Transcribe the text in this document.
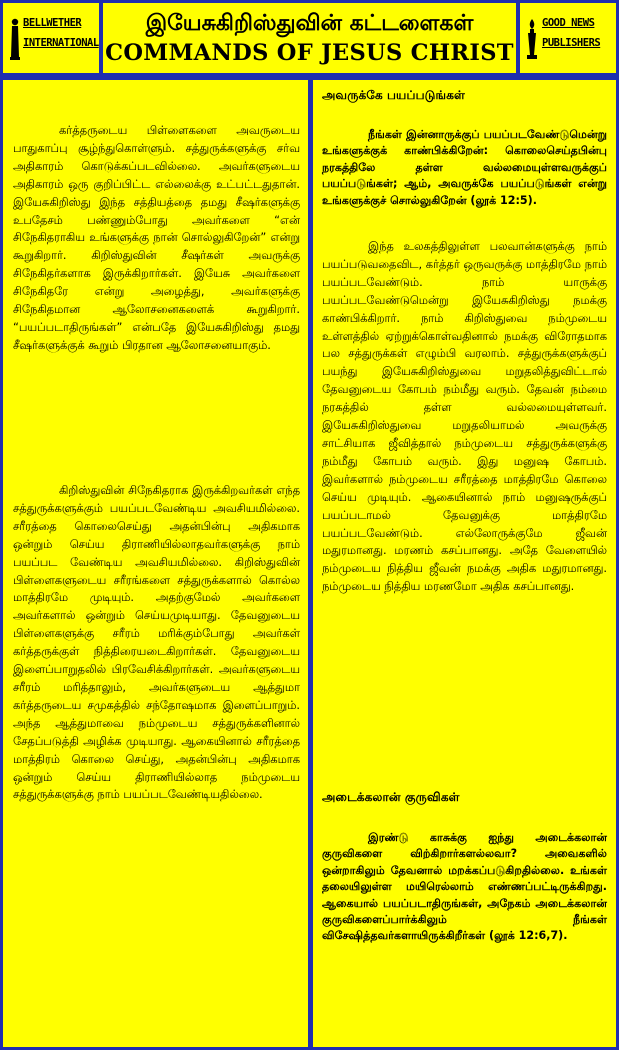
BELLWETHER
INTERNATIONAL
இயேசுகிறிஸ்துவின் கட்டளைகள்
COMMANDS OF JESUS CHRIST
GOOD NEWS
PUBLISHERS

கர்த்தருடைய பிள்ளைகளை அவருடைய பாதுகாப்பு சூழ்ந்துகொள்ளும். சத்துருக்களுக்கு சர்வ அதிகாரம் கொடுக்கப்படவில்லை. அவர்களுடைய அதிகாரம் ஒரு குறிப்பிட்ட எல்லைக்கு உட்பட்டதுதான். இயேசுகிறிஸ்து இந்த சத்தியத்தை தமது சீஷர்களுக்கு உபதேசம் பண்ணும்போது அவர்களை “என் சிநேகிதராகிய உங்களுக்கு நான் சொல்லுகிறேன்” என்று கூறுகிறார். கிறிஸ்துவின் சீஷர்கள் அவருக்கு சிநேகிதர்களாக இருக்கிறார்கள். இயேசு அவர்களை சிநேகிதரே என்று அழைத்து, அவர்களுக்கு சிநேகிதமான ஆலோசனைகளைக் கூறுகிறார். “பயப்படாதிருங்கள்” என்பதே இயேசுகிறிஸ்து தமது சீஷர்களுக்குக் கூறும் பிரதான ஆலோசனையாகும்.

கிறிஸ்துவின் சிநேகிதராக இருக்கிறவர்கள் எந்த சத்துருக்களுக்கும் பயப்படவேண்டிய அவசியமில்லை. சரீரத்தை கொலைசெய்து அதன்பின்பு அதிகமாக ஒன்றும் செய்ய திராணியில்லாதவர்களுக்கு நாம் பயப்பட வேண்டிய அவசியமில்லை. கிறிஸ்துவின் பிள்ளைகளுடைய சரீரங்களை சத்துருக்களால் கொல்ல மாத்திரமே முடியும். அதற்குமேல் அவர்களை அவர்களால் ஒன்றும் செய்யமுடியாது. தேவனுடைய பிள்ளைகளுக்கு சரீரம் மரிக்கும்போது அவர்கள் கர்த்தருக்குள் நித்திரையடைகிறார்கள். தேவனுடைய இளைப்பாறுதலில் பிரவேசிக்கிறார்கள். அவர்களுடைய சரீரம் மரித்தாலும், அவர்களுடைய ஆத்துமா கர்த்தருடைய சமுகத்தில் சந்தோஷமாக இளைப்பாறும். அந்த ஆத்துமாவை நம்முடைய சத்துருக்களினால் சேதப்படுத்தி அழிக்க முடியாது. ஆகையினால் சரீரத்தை மாத்திரம் கொலை செய்து, அதன்பின்பு அதிகமாக ஒன்றும் செய்ய திராணியில்லாத நம்முடைய சத்துருக்களுக்கு நாம் பயப்படவேண்டியதில்லை.

அவருக்கே பயப்படுங்கள்

நீங்கள் இன்னாருக்குப் பயப்படவேண்டுமென்று உங்களுக்குக் காண்பிக்கிறேன்: கொலைசெய்தபின்பு நரகத்திலே தள்ள வல்லமையுள்ளவருக்குப் பயப்படுங்கள்; ஆம், அவருக்கே பயப்படுங்கள் என்று உங்களுக்குச் சொல்லுகிறேன் (லூக் 12:5).

இந்த உலகத்திலுள்ள பலவான்களுக்கு நாம் பயப்படுவதைவிட, கர்த்தர் ஒருவருக்கு மாத்திரமே நாம் பயப்படவேண்டும். நாம் யாருக்கு பயப்படவேண்டுமென்று இயேசுகிறிஸ்து நமக்கு காண்பிக்கிறார். நாம் கிறிஸ்துவை நம்முடைய உள்ளத்தில் ஏற்றுக்கொள்வதினால் நமக்கு விரோதமாக பல சத்துருக்கள் எழும்பி வரலாம். சத்துருக்களுக்குப் பயந்து இயேசுகிறிஸ்துவை மறுதலித்துவிட்டால் தேவனுடைய கோபம் நம்மீது வரும். தேவன் நம்மை நரகத்தில் தள்ள வல்லமையுள்ளவர். இயேசுகிறிஸ்துவை மறுதலியாமல் அவருக்கு சாட்சியாக ஜீவித்தால் நம்முடைய சத்துருக்களுக்கு நம்மீது கோபம் வரும். இது மனுஷ கோபம். இவர்களால் நம்முடைய சரீரத்தை மாத்திரமே கொலை செய்ய முடியும். ஆகையினால் நாம் மனுஷருக்குப் பயப்படாமல் தேவனுக்கு மாத்திரமே பயப்படவேண்டும். எல்லோருக்குமே ஜீவன் மதுரமானது. மரணம் கசப்பானது. அதே வேளையில் நம்முடைய நித்திய ஜீவன் நமக்கு அதிக மதுரமானது. நம்முடைய நித்திய மரணமோ அதிக கசப்பானது.

அடைக்கலான் குருவிகள்

இரண்டு காசுக்கு ஐந்து அடைக்கலான் குருவிகளை விற்கிறார்களல்லவா? அவைகளில் ஒன்றாகிலும் தேவனால் மறக்கப்படுகிறதில்லை. உங்கள் தலையிலுள்ள மயிரெல்லாம் எண்ணப்பட்டிருக்கிறது. ஆகையால் பயப்படாதிருங்கள், அநேகம் அடைக்கலான் குருவிகளைப்பார்க்கிலும் நீங்கள் விசேஷித்தவர்களாயிருக்கிறீர்கள் (லூக் 12:6,7).
